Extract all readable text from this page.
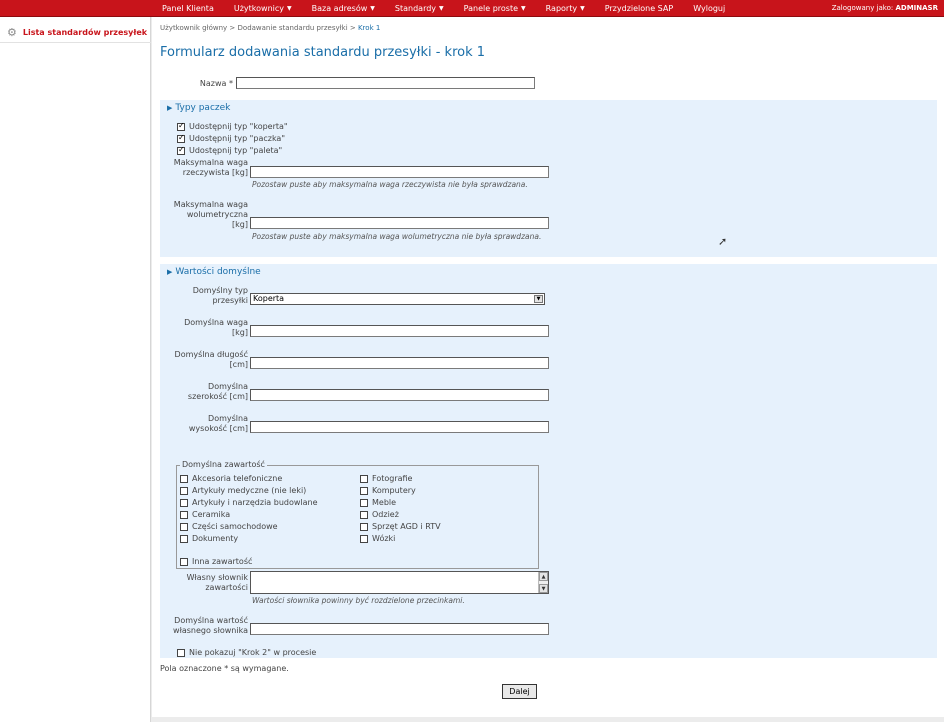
Panel Klienta	Użytkownicy ▼	Baza adresów ▼	Standardy ▼	Panele proste ▼	Raporty ▼	Przydzielone SAP	Wyloguj	Zalogowany jako: ADMINASR
⚙ Lista standardów przesyłek Użytkownik główny > Dodawanie standardu przesyłki > Krok 1
Formularz dodawania standardu przesyłki - krok 1
Nazwa *
▶ Typy paczek
✓
Udostępnij typ "koperta"
✓
Udostępnij typ "paczka"
✓
Udostępnij typ "paleta"
Maksymalna waga
rzeczywista [kg]
Pozostaw puste aby maksymalna waga rzeczywista nie była sprawdzana.
Maksymalna waga
wolumetryczna
[kg]
Pozostaw puste aby maksymalna waga wolumetryczna nie była sprawdzana.
▶ Wartości domyślne
Domyślny typ
przesyłki Koperta	▼
Domyślna waga
[kg]
Domyślna długość
[cm]
Domyślna
szerokość [cm]
Domyślna
wysokość [cm]
Domyślna zawartość
Akcesoria telefoniczne
Artykuły medyczne (nie leki)
Artykuły i narzędzia budowlane
Ceramika
Części samochodowe
Dokumenty
Fotografie
Komputery
Meble
Odzież
Sprzęt AGD i RTV
Wózki
Inna zawartość
Własny słownik
zawartości
▲
▼
Wartości słownika powinny być rozdzielone przecinkami.
Domyślna wartość
własnego słownika
Nie pokazuj "Krok 2" w procesie
Pola oznaczone * są wymagane.
Dalej
➚
